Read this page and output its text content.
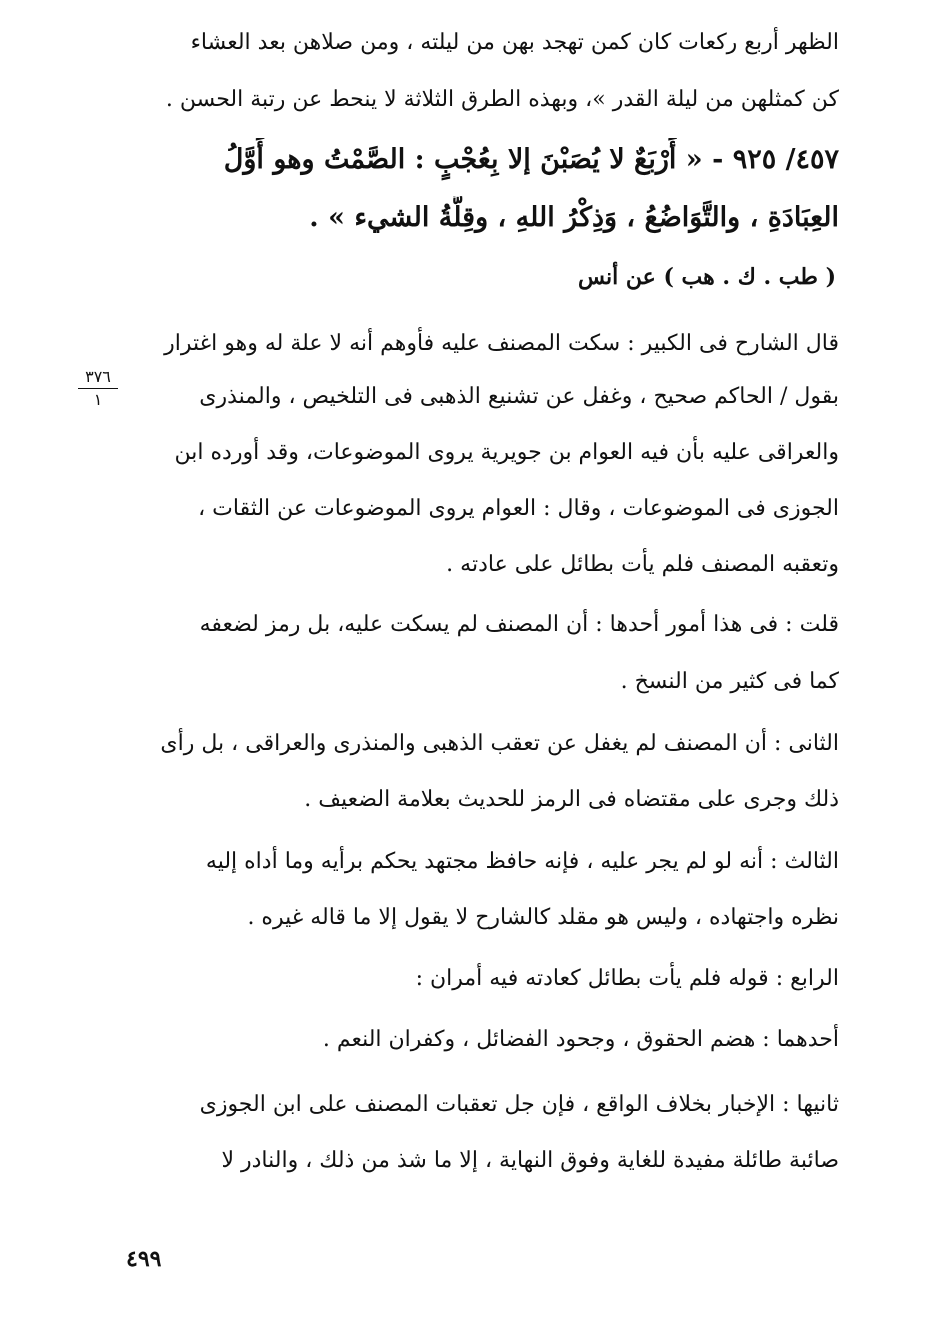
الظهر أربع ركعات كان كمن تهجد بهن من ليلته ، ومن صلاهن بعد العشاء
كن كمثلهن من ليلة القدر »، وبهذه الطرق الثلاثة لا ينحط عن رتبة الحسن .
٤٥٧/ ٩٢٥ - « أَرْبَعٌ لا يُصَبْنَ إلا بِعُجْبٍ : الصَّمْتُ وهو أَوَّلُ
العِبَادَةِ ، والتَّوَاضُعُ ، وَذِكْرُ اللهِ ، وقِلَّةُ الشيء » .
( طب . ك . هب ) عن أنس
قال الشارح فى الكبير : سكت المصنف عليه فأوهم أنه لا علة له وهو اغترار
بقول / الحاكم صحيح ، وغفل عن تشنيع الذهبى فى التلخيص ، والمنذرى
والعراقى عليه بأن فيه العوام بن جويرية يروى الموضوعات، وقد أورده ابن
الجوزى فى الموضوعات ، وقال : العوام يروى الموضوعات عن الثقات ،
وتعقبه المصنف فلم يأت بطائل على عادته .
قلت : فى هذا أمور أحدها : أن المصنف لم يسكت عليه، بل رمز لضعفه
كما فى كثير من النسخ .
الثانى : أن المصنف لم يغفل عن تعقب الذهبى والمنذرى والعراقى ، بل رأى
ذلك وجرى على مقتضاه فى الرمز للحديث بعلامة الضعيف .
الثالث : أنه لو لم يجر عليه ، فإنه حافظ مجتهد يحكم برأيه وما أداه إليه
نظره واجتهاده ، وليس هو مقلد كالشارح لا يقول إلا ما قاله غيره .
الرابع : قوله فلم يأت بطائل كعادته فيه أمران :
أحدهما : هضم الحقوق ، وجحود الفضائل ، وكفران النعم .
ثانيها : الإخبار بخلاف الواقع ، فإن جل تعقبات المصنف على ابن الجوزى
صائبة طائلة مفيدة للغاية وفوق النهاية ، إلا ما شذ من ذلك ، والنادر لا
٣٧٦
١
٤٩٩
